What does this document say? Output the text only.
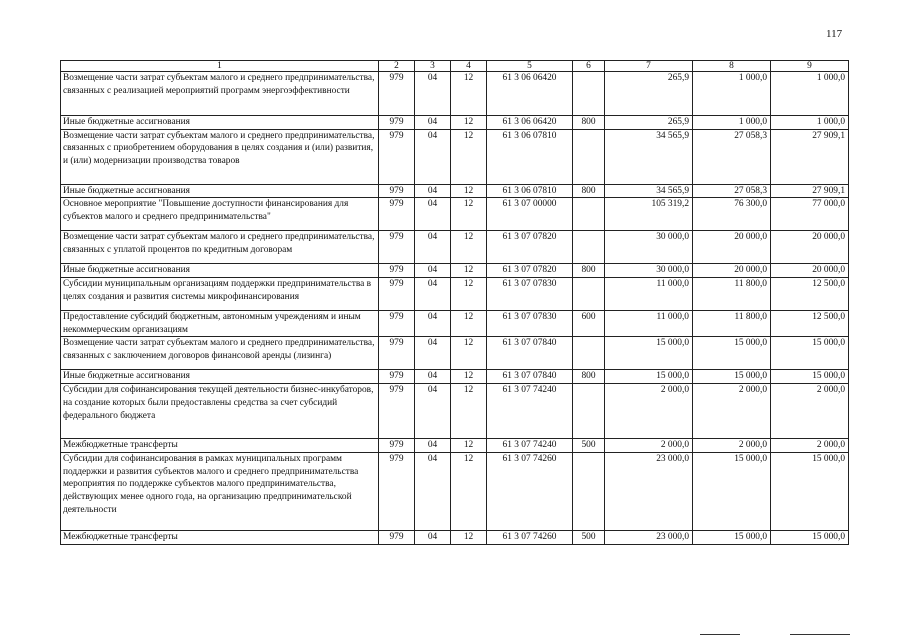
117
1	2	3	4	5	6	7	8	9
Возмещение части затрат субъектам малого и среднего предпринимательства, связанных с реализацией мероприятий программ энергоэффективности	979	04	12	61 3 06 06420		265,9	1 000,0	1 000,0
Иные бюджетные ассигнования	979	04	12	61 3 06 06420	800	265,9	1 000,0	1 000,0
Возмещение части затрат субъектам малого и среднего предпринимательства, связанных с приобретением оборудования в целях создания и (или) развития, и (или) модернизации производства товаров	979	04	12	61 3 06 07810		34 565,9	27 058,3	27 909,1
Иные бюджетные ассигнования	979	04	12	61 3 06 07810	800	34 565,9	27 058,3	27 909,1
Основное мероприятие "Повышение доступности финансирования для субъектов малого и среднего предпринимательства"	979	04	12	61 3 07 00000		105 319,2	76 300,0	77 000,0
Возмещение части затрат субъектам малого и среднего предпринимательства, связанных с уплатой процентов по кредитным договорам	979	04	12	61 3 07 07820		30 000,0	20 000,0	20 000,0
Иные бюджетные ассигнования	979	04	12	61 3 07 07820	800	30 000,0	20 000,0	20 000,0
Субсидии муниципальным организациям поддержки предпринимательства в целях создания и развития системы микрофинансирования	979	04	12	61 3 07 07830		11 000,0	11 800,0	12 500,0
Предоставление субсидий бюджетным, автономным учреждениям и иным некоммерческим организациям	979	04	12	61 3 07 07830	600	11 000,0	11 800,0	12 500,0
Возмещение части затрат субъектам малого и среднего предпринимательства, связанных с заключением договоров финансовой аренды (лизинга)	979	04	12	61 3 07 07840		15 000,0	15 000,0	15 000,0
Иные бюджетные ассигнования	979	04	12	61 3 07 07840	800	15 000,0	15 000,0	15 000,0
Субсидии для софинансирования текущей деятельности бизнес-инкубаторов, на создание которых были предоставлены средства за счет субсидий федерального бюджета	979	04	12	61 3 07 74240		2 000,0	2 000,0	2 000,0
Межбюджетные трансферты	979	04	12	61 3 07 74240	500	2 000,0	2 000,0	2 000,0
Субсидии для софинансирования в рамках муниципальных программ поддержки и развития субъектов малого и среднего предпринимательства мероприятия по поддержке субъектов малого предпринимательства, действующих менее одного года, на организацию предпринимательской деятельности	979	04	12	61 3 07 74260		23 000,0	15 000,0	15 000,0
Межбюджетные трансферты	979	04	12	61 3 07 74260	500	23 000,0	15 000,0	15 000,0
